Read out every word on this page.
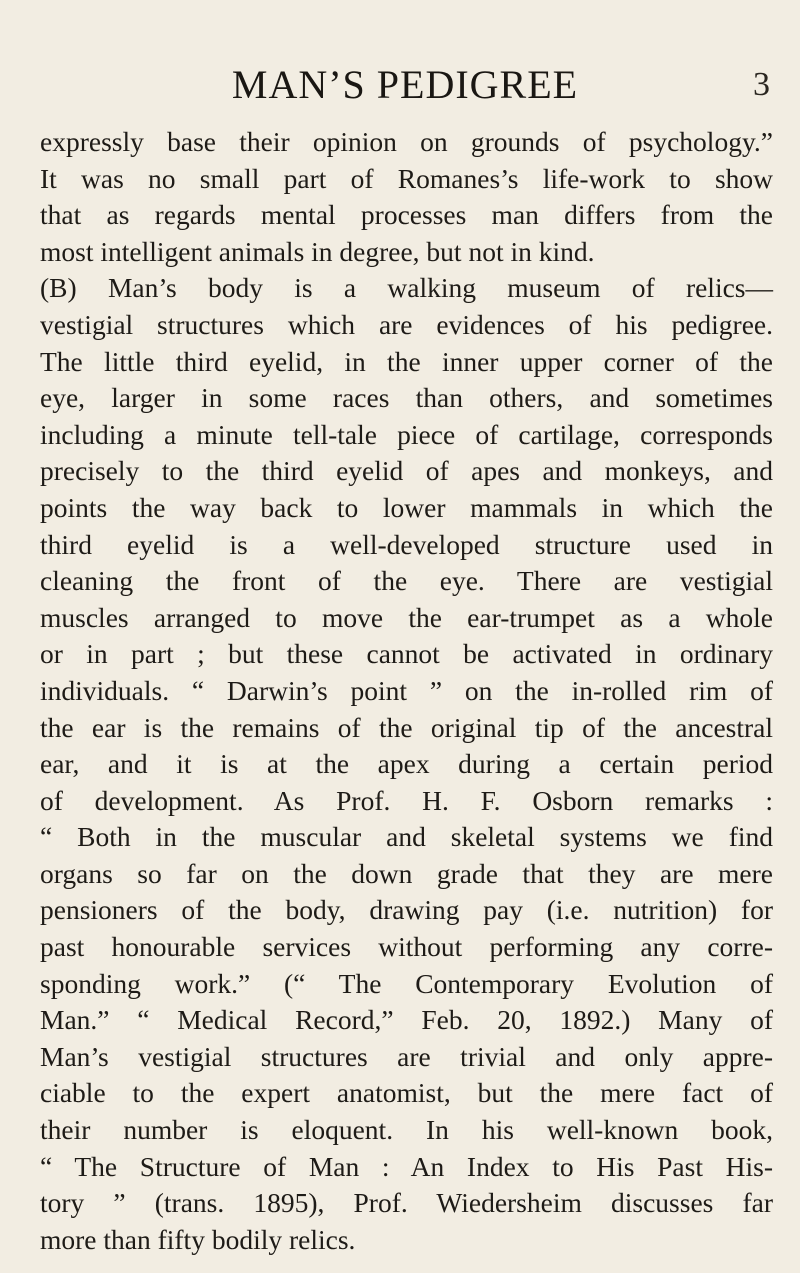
MAN’S PEDIGREE	3
expressly base their opinion on grounds of psychology.”
It was no small part of Romanes’s life-work to show
that as regards mental processes man differs from the
most intelligent animals in degree, but not in kind.
(B) Man’s body is a walking museum of relics—
vestigial structures which are evidences of his pedigree.
The little third eyelid, in the inner upper corner of the
eye, larger in some races than others, and sometimes
including a minute tell-tale piece of cartilage, corresponds
precisely to the third eyelid of apes and monkeys, and
points the way back to lower mammals in which the
third eyelid is a well-developed structure used in
cleaning the front of the eye. There are vestigial
muscles arranged to move the ear-trumpet as a whole
or in part ; but these cannot be activated in ordinary
individuals. “ Darwin’s point ” on the in-rolled rim of
the ear is the remains of the original tip of the ancestral
ear, and it is at the apex during a certain period
of development. As Prof. H. F. Osborn remarks :
“ Both in the muscular and skeletal systems we find
organs so far on the down grade that they are mere
pensioners of the body, drawing pay (i.e. nutrition) for
past honourable services without performing any corre-
sponding work.” (“ The Contemporary Evolution of
Man.” “ Medical Record,” Feb. 20, 1892.) Many of
Man’s vestigial structures are trivial and only appre-
ciable to the expert anatomist, but the mere fact of
their number is eloquent. In his well-known book,
“ The Structure of Man : An Index to His Past His-
tory ” (trans. 1895), Prof. Wiedersheim discusses far
more than fifty bodily relics.
